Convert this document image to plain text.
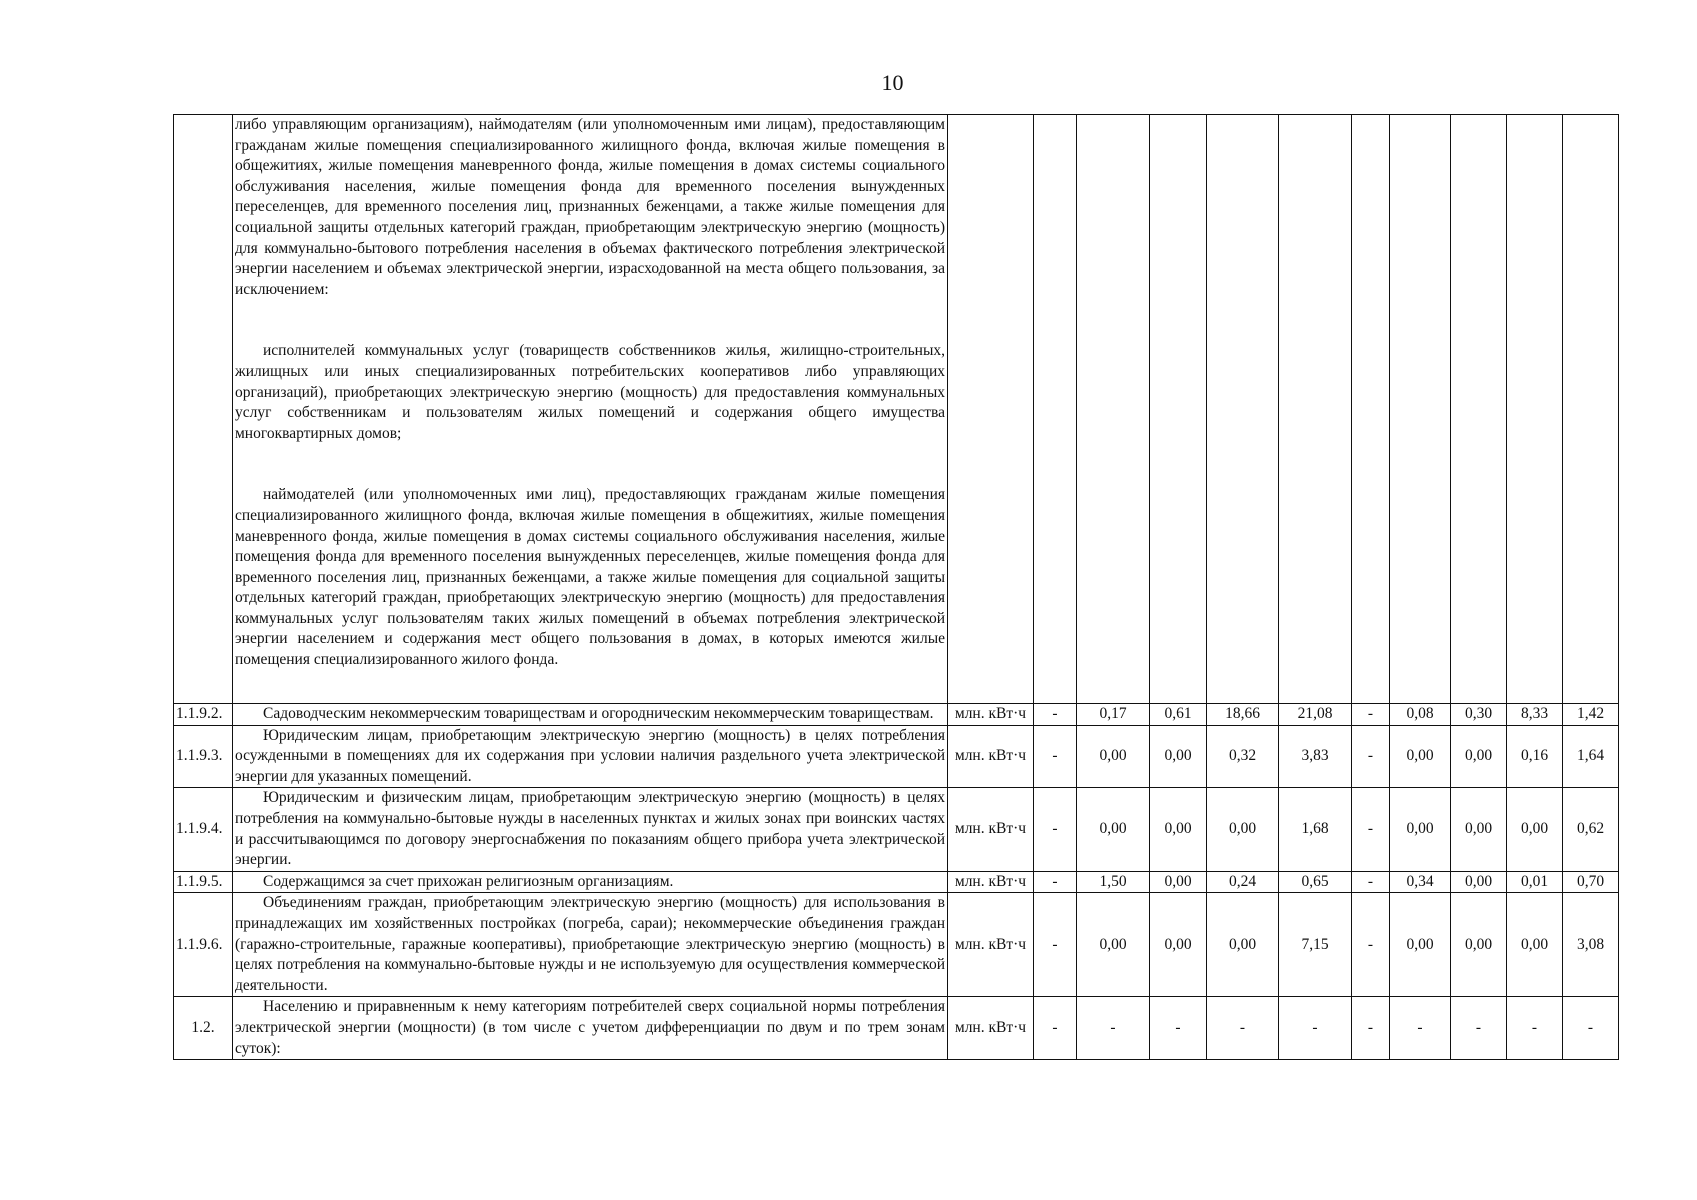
10

	либо управляющим организациям), наймодателям (или уполномоченным ими лицам), предоставляющим гражданам жилые помещения специализированного жилищного фонда, включая жилые помещения в общежитиях, жилые помещения маневренного фонда, жилые помещения в домах системы социального обслуживания населения, жилые помещения фонда для временного поселения вынужденных переселенцев, для временного поселения лиц, признанных беженцами, а также жилые помещения для социальной защиты отдельных категорий граждан, приобретающим электрическую энергию (мощность) для коммунально-бытового потребления населения в объемах фактического потребления электрической энергии населением и объемах электрической энергии, израсходованной на места общего пользования, за исключением:

исполнителей коммунальных услуг (товариществ собственников жилья, жилищно-строительных, жилищных или иных специализированных потребительских кооперативов либо управляющих организаций), приобретающих электрическую энергию (мощность) для предоставления коммунальных услуг собственникам и пользователям жилых помещений и содержания общего имущества многоквартирных домов;

наймодателей (или уполномоченных ими лиц), предоставляющих гражданам жилые помещения специализированного жилищного фонда, включая жилые помещения в общежитиях, жилые помещения маневренного фонда, жилые помещения в домах системы социального обслуживания населения, жилые помещения фонда для временного поселения вынужденных переселенцев, жилые помещения фонда для временного поселения лиц, признанных беженцами, а также жилые помещения для социальной защиты отдельных категорий граждан, приобретающих электрическую энергию (мощность) для предоставления коммунальных услуг пользователям таких жилых помещений в объемах потребления электрической энергии населением и содержания мест общего пользования в домах, в которых имеются жилые помещения специализированного жилого фонда.											

1.1.9.2.	Садоводческим некоммерческим товариществам и огородническим некоммерческим товариществам.	млн. кВт·ч	-	0,17	0,61	18,66	21,08	-	0,08	0,30	8,33	1,42
1.1.9.3.	Юридическим лицам, приобретающим электрическую энергию (мощность) в целях потребления осужденными в помещениях для их содержания при условии наличия раздельного учета электрической энергии для указанных помещений.	млн. кВт·ч	-	0,00	0,00	0,32	3,83	-	0,00	0,00	0,16	1,64
1.1.9.4.	Юридическим и физическим лицам, приобретающим электрическую энергию (мощность) в целях потребления на коммунально-бытовые нужды в населенных пунктах и жилых зонах при воинских частях и рассчитывающимся по договору энергоснабжения по показаниям общего прибора учета электрической энергии.	млн. кВт·ч	-	0,00	0,00	0,00	1,68	-	0,00	0,00	0,00	0,62
1.1.9.5.	Содержащимся за счет прихожан религиозным организациям.	млн. кВт·ч	-	1,50	0,00	0,24	0,65	-	0,34	0,00	0,01	0,70
1.1.9.6.	Объединениям граждан, приобретающим электрическую энергию (мощность) для использования в принадлежащих им хозяйственных постройках (погреба, сараи); некоммерческие объединения граждан (гаражно-строительные, гаражные кооперативы), приобретающие электрическую энергию (мощность) в целях потребления на коммунально-бытовые нужды и не используемую для осуществления коммерческой деятельности.	млн. кВт·ч	-	0,00	0,00	0,00	7,15	-	0,00	0,00	0,00	3,08
1.2.	Населению и приравненным к нему категориям потребителей сверх социальной нормы потребления электрической энергии (мощности) (в том числе с учетом дифференциации по двум и по трем зонам суток):	млн. кВт·ч	-	-	-	-	-	-	-	-	-	-
